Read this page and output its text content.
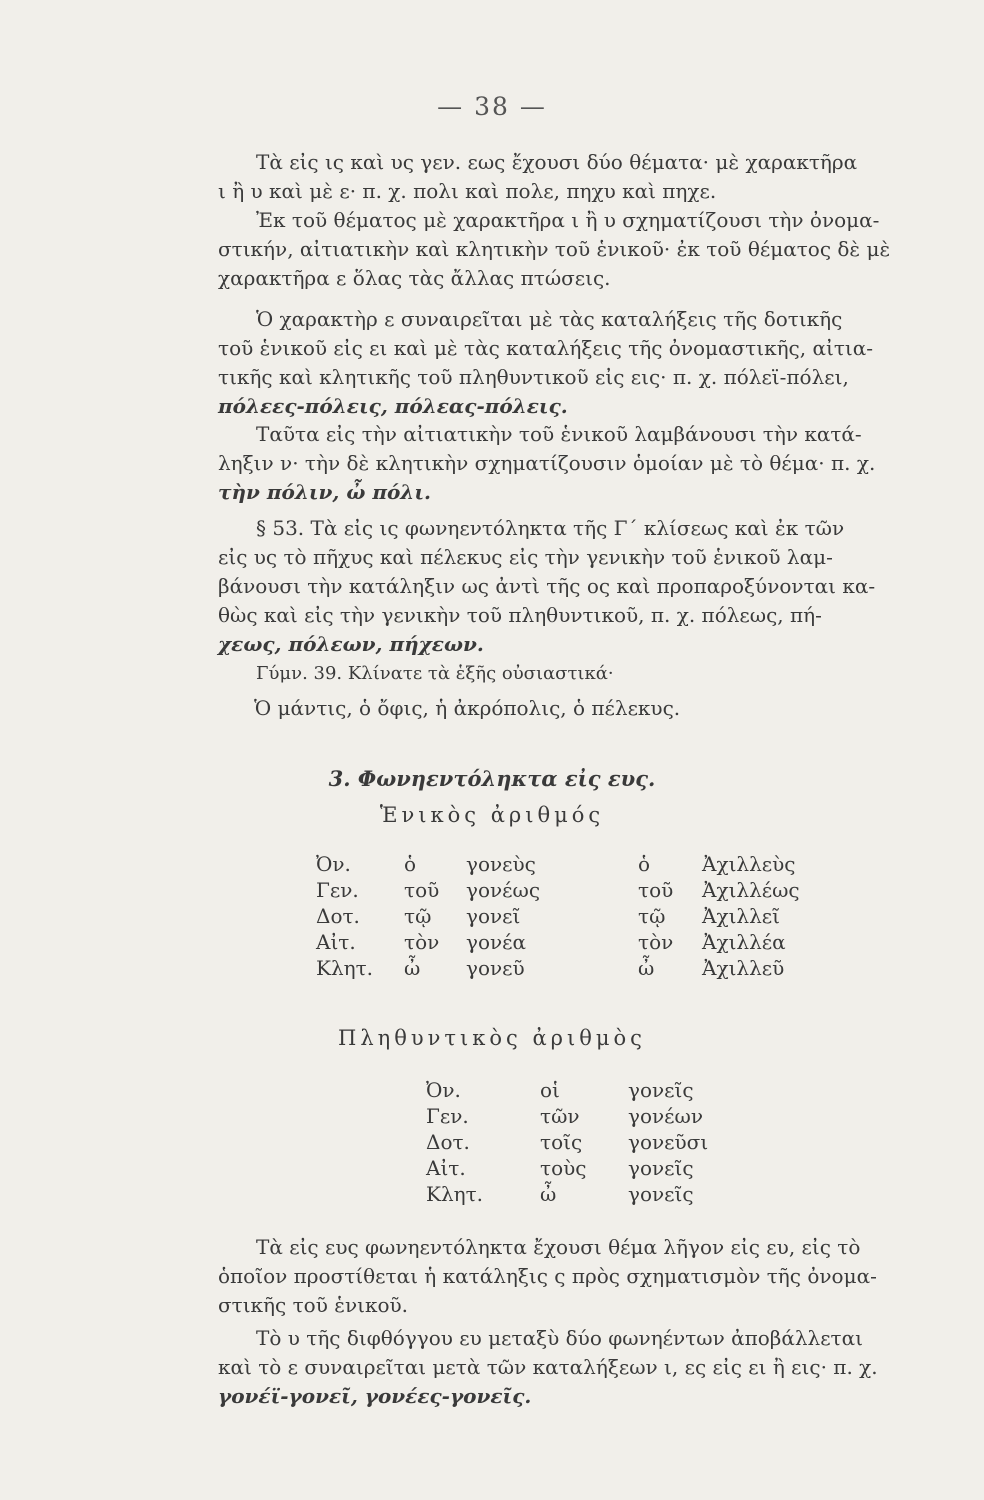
— 38 —
Τὰ εἰς ις καὶ υς γεν. εως ἔχουσι δύο θέματα· μὲ χαρακτῆρα
ι ἢ υ καὶ μὲ ε· π. χ. πολι καὶ πολε, πηχυ καὶ πηχε.
Ἐκ τοῦ θέματος μὲ χαρακτῆρα ι ἢ υ σχηματίζουσι τὴν ὀνομα-
στικήν, αἰτιατικὴν καὶ κλητικὴν τοῦ ἑνικοῦ· ἐκ τοῦ θέματος δὲ μὲ
χαρακτῆρα ε ὅλας τὰς ἄλλας πτώσεις.
Ὁ χαρακτὴρ ε συναιρεῖται μὲ τὰς καταλήξεις τῆς δοτικῆς
τοῦ ἑνικοῦ εἰς ει καὶ μὲ τὰς καταλήξεις τῆς ὀνομαστικῆς, αἰτια-
τικῆς καὶ κλητικῆς τοῦ πληθυντικοῦ εἰς εις· π. χ. πόλεϊ-πόλει,
πόλεες-πόλεις, πόλεας-πόλεις.
Ταῦτα εἰς τὴν αἰτιατικὴν τοῦ ἑνικοῦ λαμβάνουσι τὴν κατά-
ληξιν ν· τὴν δὲ κλητικὴν σχηματίζουσιν ὁμοίαν μὲ τὸ θέμα· π. χ.
τὴν πόλιν, ὦ πόλι.
§ 53. Τὰ εἰς ις φωνηεντόληκτα τῆς Γ΄ κλίσεως καὶ ἐκ τῶν
εἰς υς τὸ πῆχυς καὶ πέλεκυς εἰς τὴν γενικὴν τοῦ ἑνικοῦ λαμ-
βάνουσι τὴν κατάληξιν ως ἀντὶ τῆς ος καὶ προπαροξύνονται κα-
θὼς καὶ εἰς τὴν γενικὴν τοῦ πληθυντικοῦ, π. χ. πόλεως, πή-
χεως, πόλεων, πήχεων.
Γύμν. 39. Κλίνατε τὰ ἑξῆς οὐσιαστικά·
Ὁ μάντις, ὁ ὄφις, ἡ ἀκρόπολις, ὁ πέλεκυς.
3. Φωνηεντόληκτα εἰς ευς.
Ἑνικὸς ἀριθμός
Ὀν.	ὁ	γονεὺς	ὁ	Ἀχιλλεὺς
Γεν.	τοῦ	γονέως	τοῦ	Ἀχιλλέως
Δοτ.	τῷ	γονεῖ	τῷ	Ἀχιλλεῖ
Αἰτ.	τὸν	γονέα	τὸν	Ἀχιλλέα
Κλητ.	ὦ	γονεῦ	ὦ	Ἀχιλλεῦ
Πληθυντικὸς ἀριθμὸς
Ὀν.	οἱ	γονεῖς
Γεν.	τῶν	γονέων
Δοτ.	τοῖς	γονεῦσι
Αἰτ.	τοὺς	γονεῖς
Κλητ.	ὦ	γονεῖς
Τὰ εἰς ευς φωνηεντόληκτα ἔχουσι θέμα λῆγον εἰς ευ, εἰς τὸ
ὁποῖον προστίθεται ἡ κατάληξις ς πρὸς σχηματισμὸν τῆς ὀνομα-
στικῆς τοῦ ἑνικοῦ.
Τὸ υ τῆς διφθόγγου ευ μεταξὺ δύο φωνηέντων ἀποβάλλεται
καὶ τὸ ε συναιρεῖται μετὰ τῶν καταλήξεων ι, ες εἰς ει ἢ εις· π. χ.
γονέϊ-γονεῖ, γονέες-γονεῖς.
